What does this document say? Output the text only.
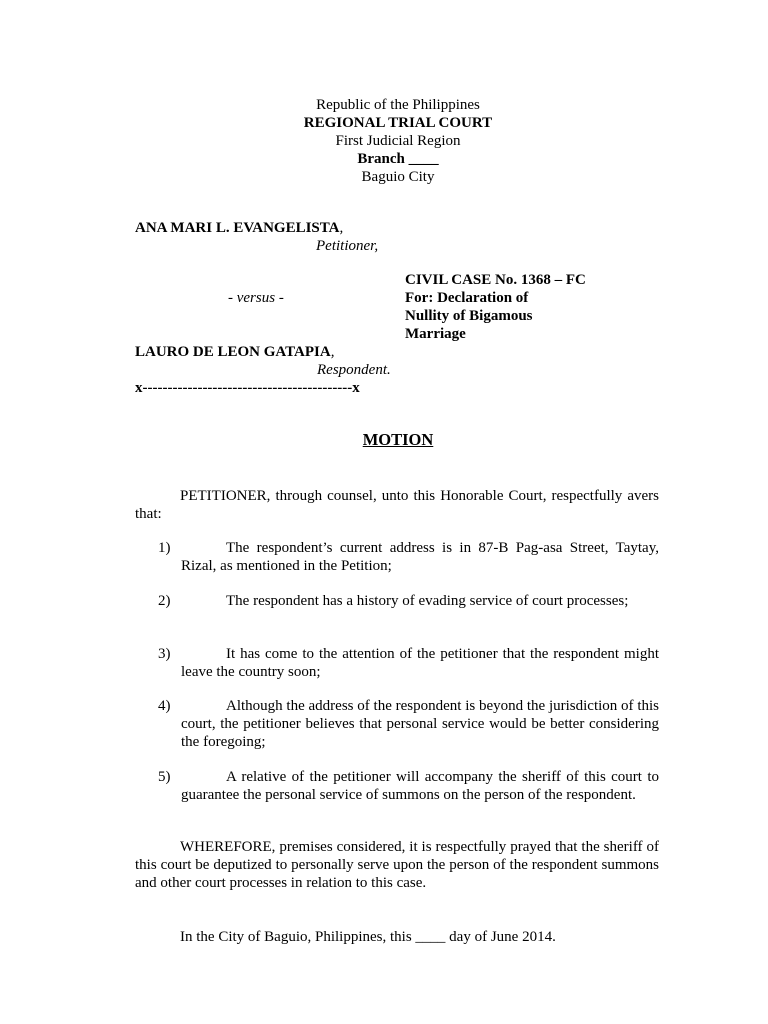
Republic of the Philippines
REGIONAL TRIAL COURT
First Judicial Region
Branch ____
Baguio City
ANA MARI L. EVANGELISTA,
Petitioner,
CIVIL CASE No. 1368 – FC
- versus -	For: Declaration of
Nullity of Bigamous
Marriage
LAURO DE LEON GATAPIA,
Respondent.
x------------------------------------------x
MOTION
PETITIONER, through counsel, unto this Honorable Court, respectfully avers that:
1)	The respondent’s current address is in 87-B Pag-asa Street, Taytay, Rizal, as mentioned in the Petition;
2)	The respondent has a history of evading service of court processes;
3)	It has come to the attention of the petitioner that the respondent might leave the country soon;
4)	Although the address of the respondent is beyond the jurisdiction of this court, the petitioner believes that personal service would be better considering the foregoing;
5)	A relative of the petitioner will accompany the sheriff of this court to guarantee the personal service of summons on the person of the respondent.
WHEREFORE, premises considered, it is respectfully prayed that the sheriff of this court be deputized to personally serve upon the person of the respondent summons and other court processes in relation to this case.
In the City of Baguio, Philippines, this ____ day of June 2014.
